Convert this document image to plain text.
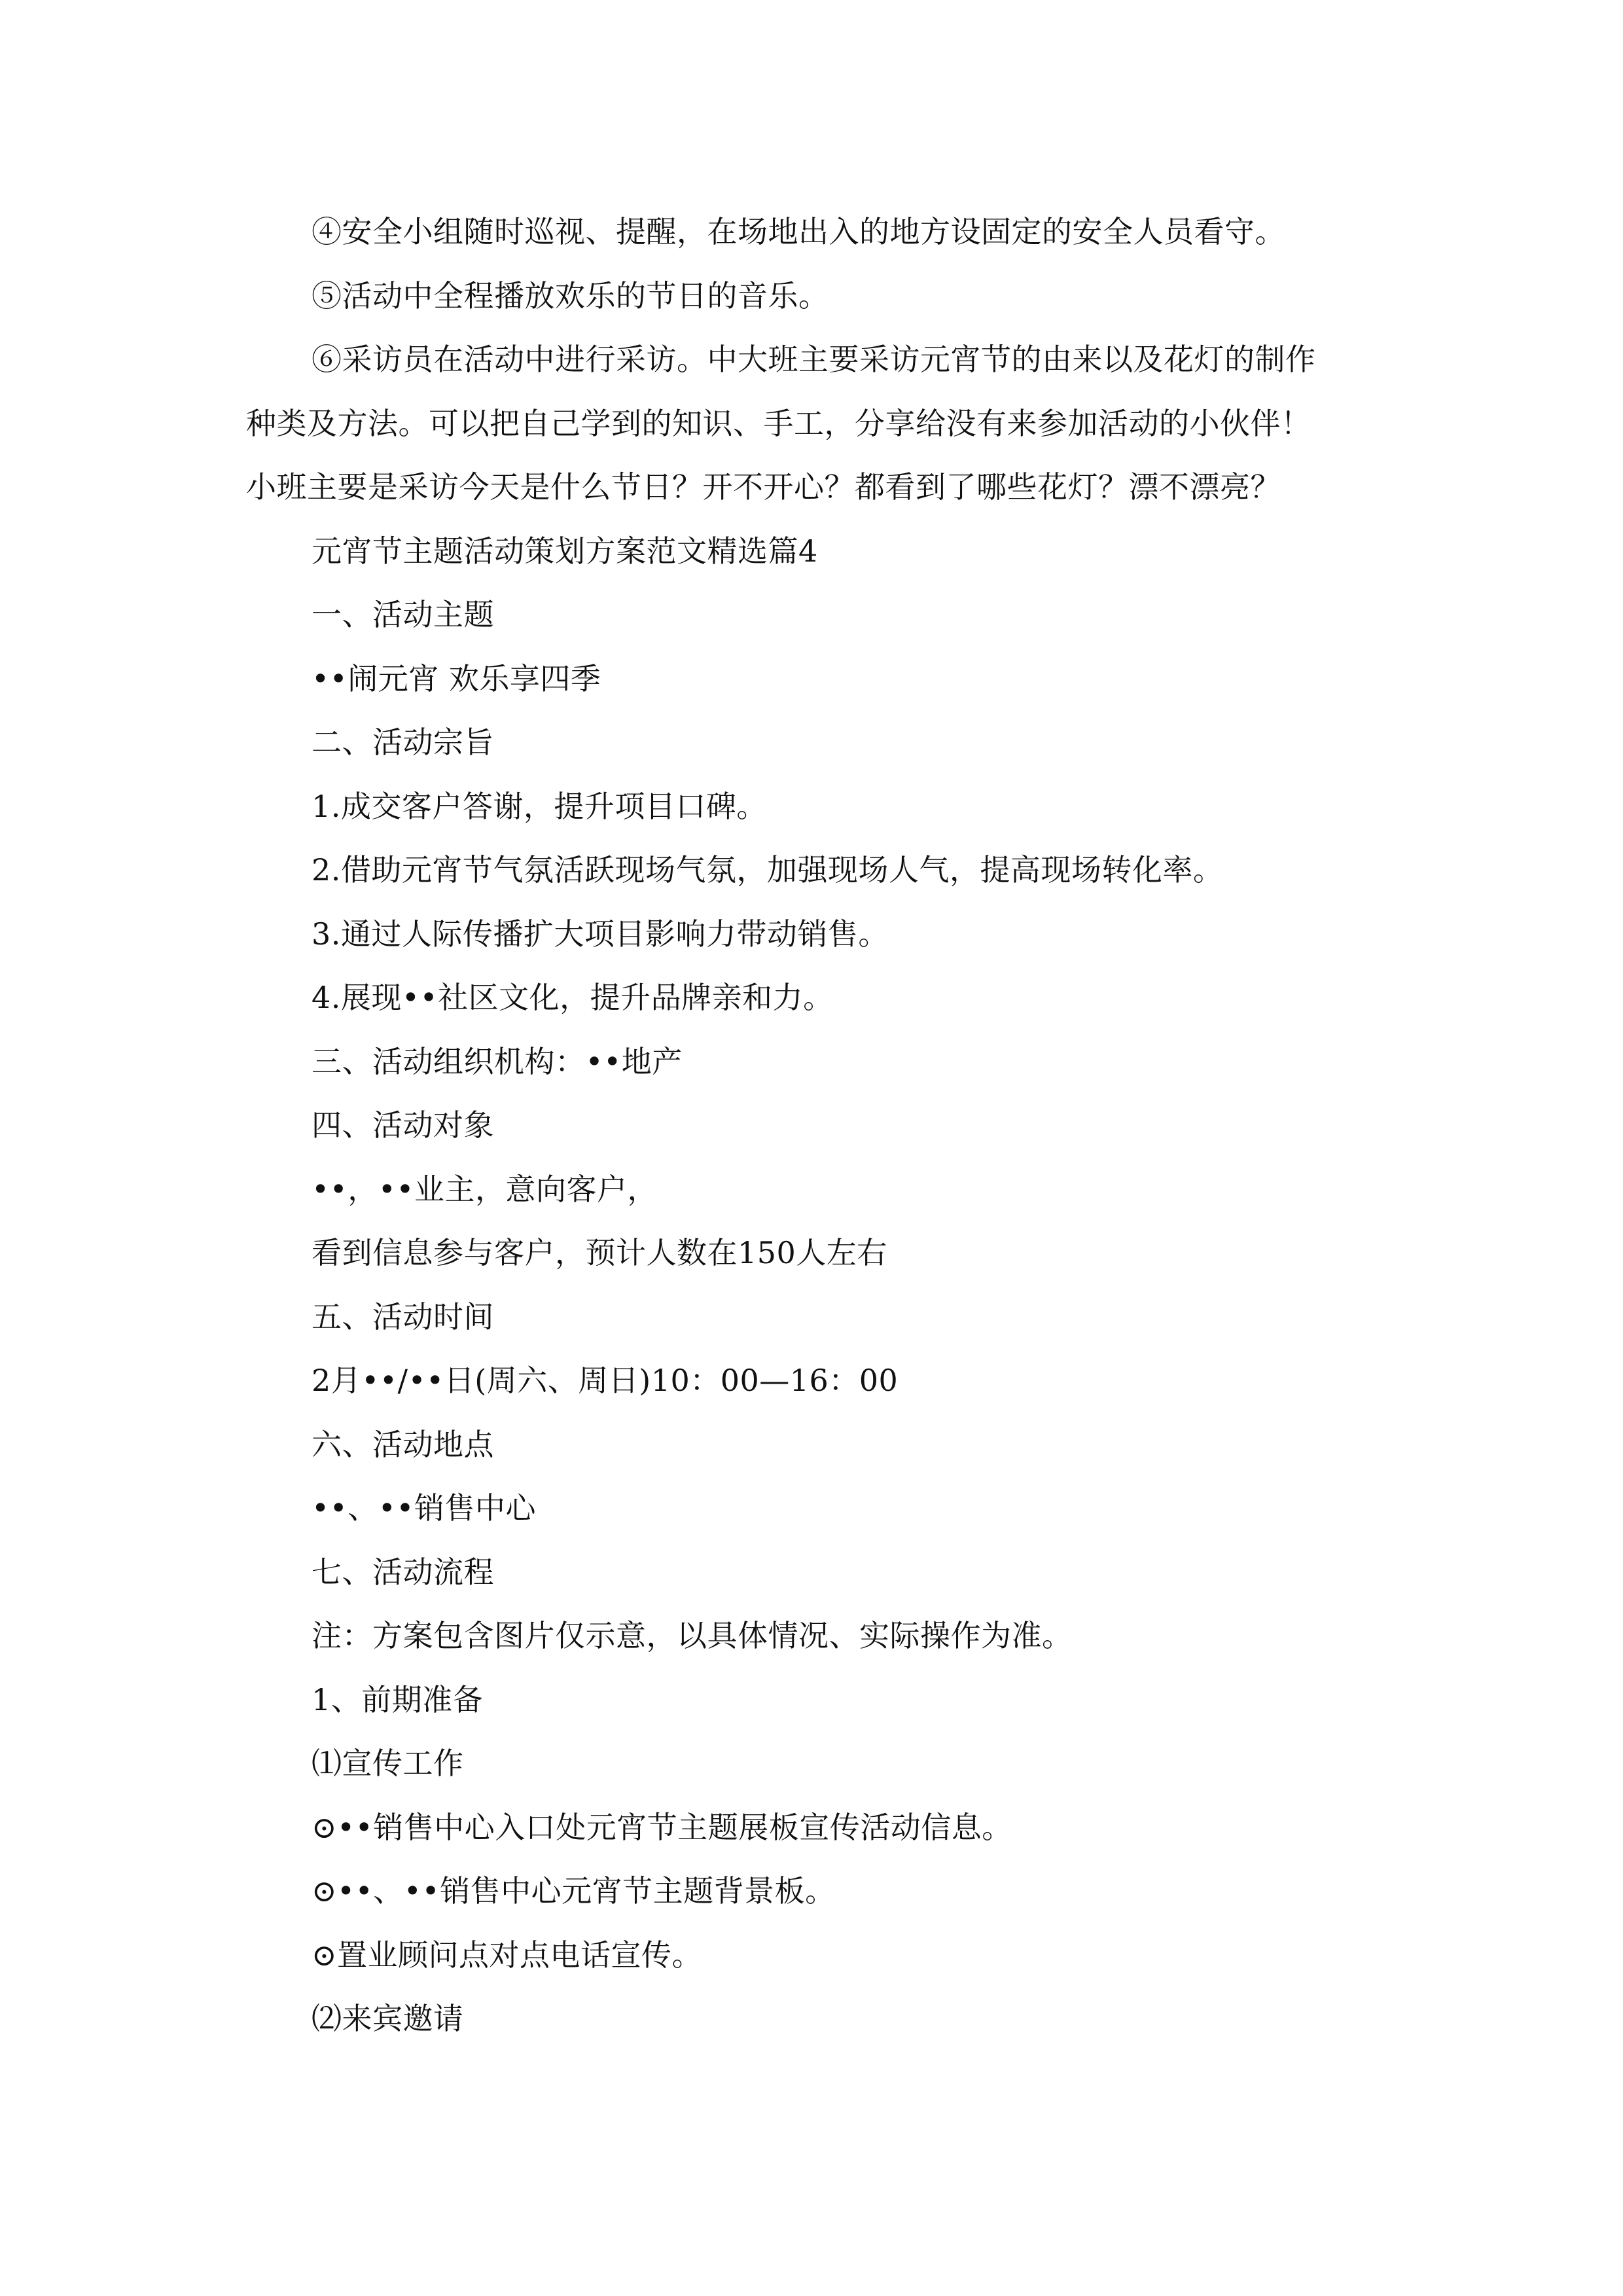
④安全小组随时巡视、提醒，在场地出入的地方设固定的安全人员看守。
⑤活动中全程播放欢乐的节日的音乐。
⑥采访员在活动中进行采访。中大班主要采访元宵节的由来以及花灯的制作
种类及方法。可以把自己学到的知识、手工，分享给没有来参加活动的小伙伴！
小班主要是采访今天是什么节日？开不开心？都看到了哪些花灯？漂不漂亮？
元宵节主题活动策划方案范文精选篇4
一、活动主题
••闹元宵 欢乐享四季
二、活动宗旨
1.成交客户答谢，提升项目口碑。
2.借助元宵节气氛活跃现场气氛，加强现场人气，提高现场转化率。
3.通过人际传播扩大项目影响力带动销售。
4.展现••社区文化，提升品牌亲和力。
三、活动组织机构：••地产
四、活动对象
••，••业主，意向客户，
看到信息参与客户，预计人数在150人左右
五、活动时间
2月••/••日(周六、周日)10：00—16：00
六、活动地点
••、••销售中心
七、活动流程
注：方案包含图片仅示意，以具体情况、实际操作为准。
1、前期准备
⑴宣传工作
⊙••销售中心入口处元宵节主题展板宣传活动信息。
⊙••、••销售中心元宵节主题背景板。
⊙置业顾问点对点电话宣传。
⑵来宾邀请
